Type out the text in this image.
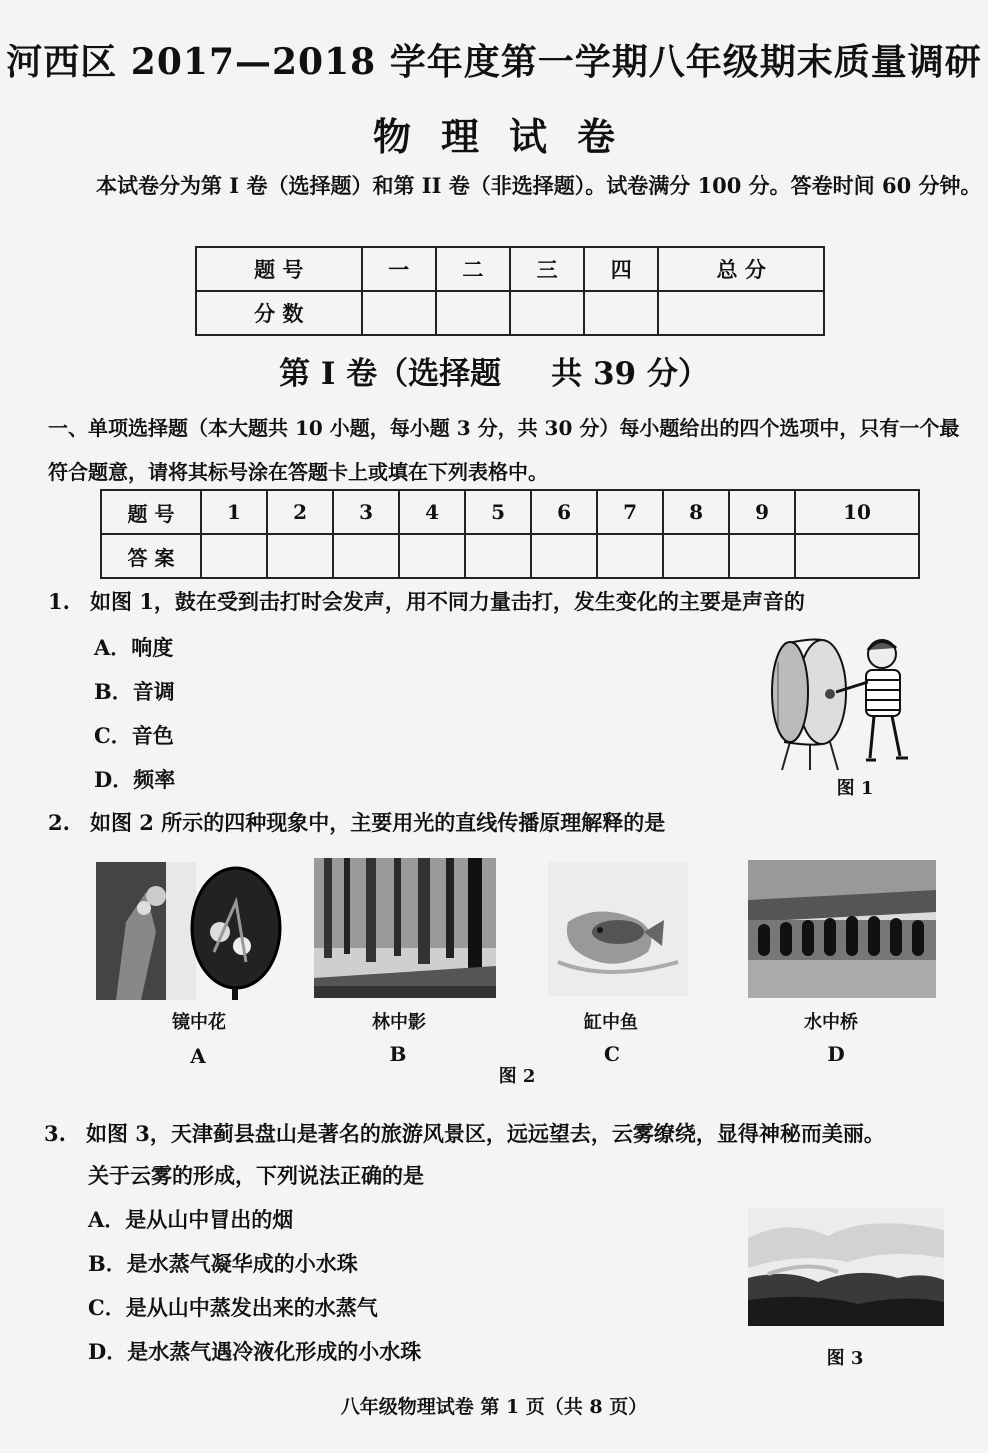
河西区 2017—2018 学年度第一学期八年级期末质量调研
物理试卷
本试卷分为第 I 卷（选择题）和第 II 卷（非选择题）。试卷满分 100 分。答卷时间 60 分钟。
题 号	一	二	三	四	总 分
分 数					
第 I 卷（选择题 共 39 分）
一、单项选择题（本大题共 10 小题，每小题 3 分，共 30 分）每小题给出的四个选项中，只有一个最符合题意，请将其标号涂在答题卡上或填在下列表格中。
题 号	1	2	3	4	5	6	7	8	9	10
答 案										
1. 如图 1，鼓在受到击打时会发声，用不同力量击打，发生变化的主要是声音的
A．响度
B．音调
C．音色
D．频率	图 1
2. 如图 2 所示的四种现象中，主要用光的直线传播原理解释的是
镜中花	林中影	缸中鱼	水中桥
A	B	C	D
图 2
3. 如图 3，天津蓟县盘山是著名的旅游风景区，远远望去，云雾缭绕，显得神秘而美丽。
关于云雾的形成，下列说法正确的是
A．是从山中冒出的烟
B．是水蒸气凝华成的小水珠
C．是从山中蒸发出来的水蒸气
D．是水蒸气遇冷液化形成的小水珠	图 3
八年级物理试卷 第 1 页（共 8 页）
